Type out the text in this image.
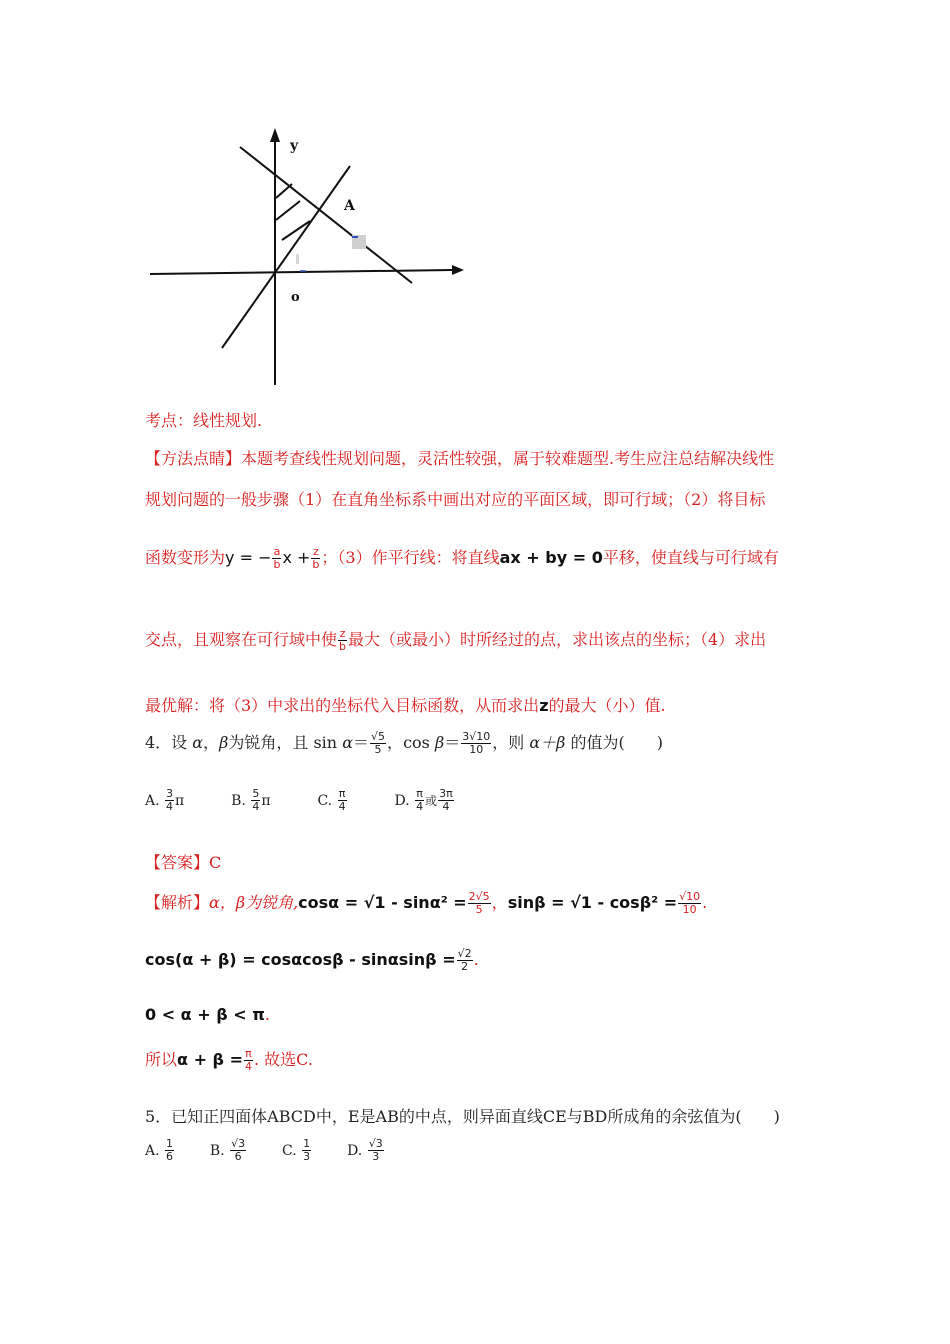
y
A
o
考点：线性规划.
【方法点睛】本题考查线性规划问题，灵活性较强，属于较难题型.考生应注总结解决线性
规划问题的一般步骤（1）在直角坐标系中画出对应的平面区域，即可行域；（2）将目标
函数变形为y = − $\frac{a}{b}$ $x + \frac{z}{b}$ ；（3）作平行线：将直线ax + by = 0平移，使直线与可行域有
交点，且观察在可行域中使 $\frac{z}{b}$ 最大（或最小）时所经过的点，求出该点的坐标；（4）求出
最优解：将（3）中求出的坐标代入目标函数，从而求出z的最大（小）值.
4．设 α，β为锐角，且 $\sin \alpha= \frac{√5}{5}$ ，$\cos \beta= \frac{3√10}{10}$ ，则 α＋β 的值为(　　)
A. $\frac{3}{4}$ π	B. $\frac{5}{4}$ π	C. $\frac{\pi}{4}$	D. $\frac{\pi}{4}$ 或 $\frac{3\pi}{4}$
【答案】C
【解析】α，β为锐角$,\cos\alpha = √1 - \sin\alpha^2 = \frac{2√5}{5}$ ，$\sin\beta = √1 - \cos\beta^2 = \frac{√10}{10}$ .
$\cos(\alpha + \beta) = \cos\alpha\cos\beta - \sin\alpha\sin\beta = \frac{√2}{2}$ .
0 < α + β < π.
所以$\alpha + \beta = \frac{\pi}{4}$ . 故选C.
5．已知正四面体ABCD中，E是AB的中点，则异面直线CE与BD所成角的余弦值为(　　)
A. $\frac{1}{6}$	B. $\frac{√3}{6}$	C. $\frac{1}{3}$	D. $\frac{√3}{3}$
